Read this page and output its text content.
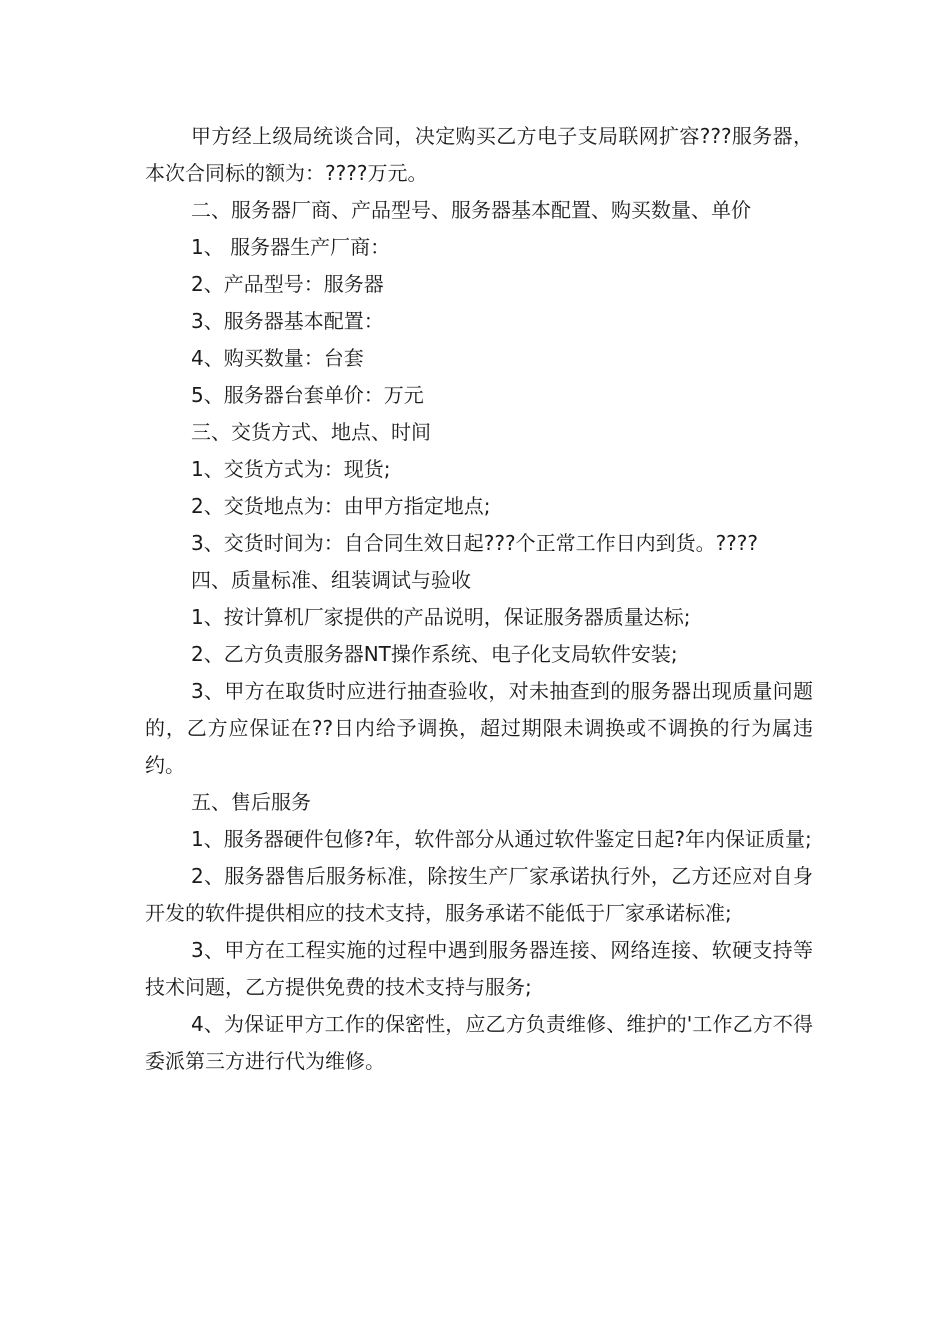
甲方经上级局统谈合同，决定购买乙方电子支局联网扩容???服务器，本次合同标的额为：????万元。

二、服务器厂商、产品型号、服务器基本配置、购买数量、单价

1、 服务器生产厂商：

2、产品型号：服务器

3、服务器基本配置：

4、购买数量：台套

5、服务器台套单价：万元

三、交货方式、地点、时间

1、交货方式为：现货;

2、交货地点为：由甲方指定地点;

3、交货时间为：自合同生效日起???个正常工作日内到货。????

四、质量标准、组装调试与验收

1、按计算机厂家提供的产品说明，保证服务器质量达标;

2、乙方负责服务器NT操作系统、电子化支局软件安装;

3、甲方在取货时应进行抽查验收，对未抽查到的服务器出现质量问题的，乙方应保证在??日内给予调换，超过期限未调换或不调换的行为属违约。

五、售后服务

1、服务器硬件包修?年，软件部分从通过软件鉴定日起?年内保证质量;

2、服务器售后服务标准，除按生产厂家承诺执行外，乙方还应对自身开发的软件提供相应的技术支持，服务承诺不能低于厂家承诺标准;

3、甲方在工程实施的过程中遇到服务器连接、网络连接、软硬支持等技术问题，乙方提供免费的技术支持与服务;

4、为保证甲方工作的保密性，应乙方负责维修、维护的'工作乙方不得委派第三方进行代为维修。
